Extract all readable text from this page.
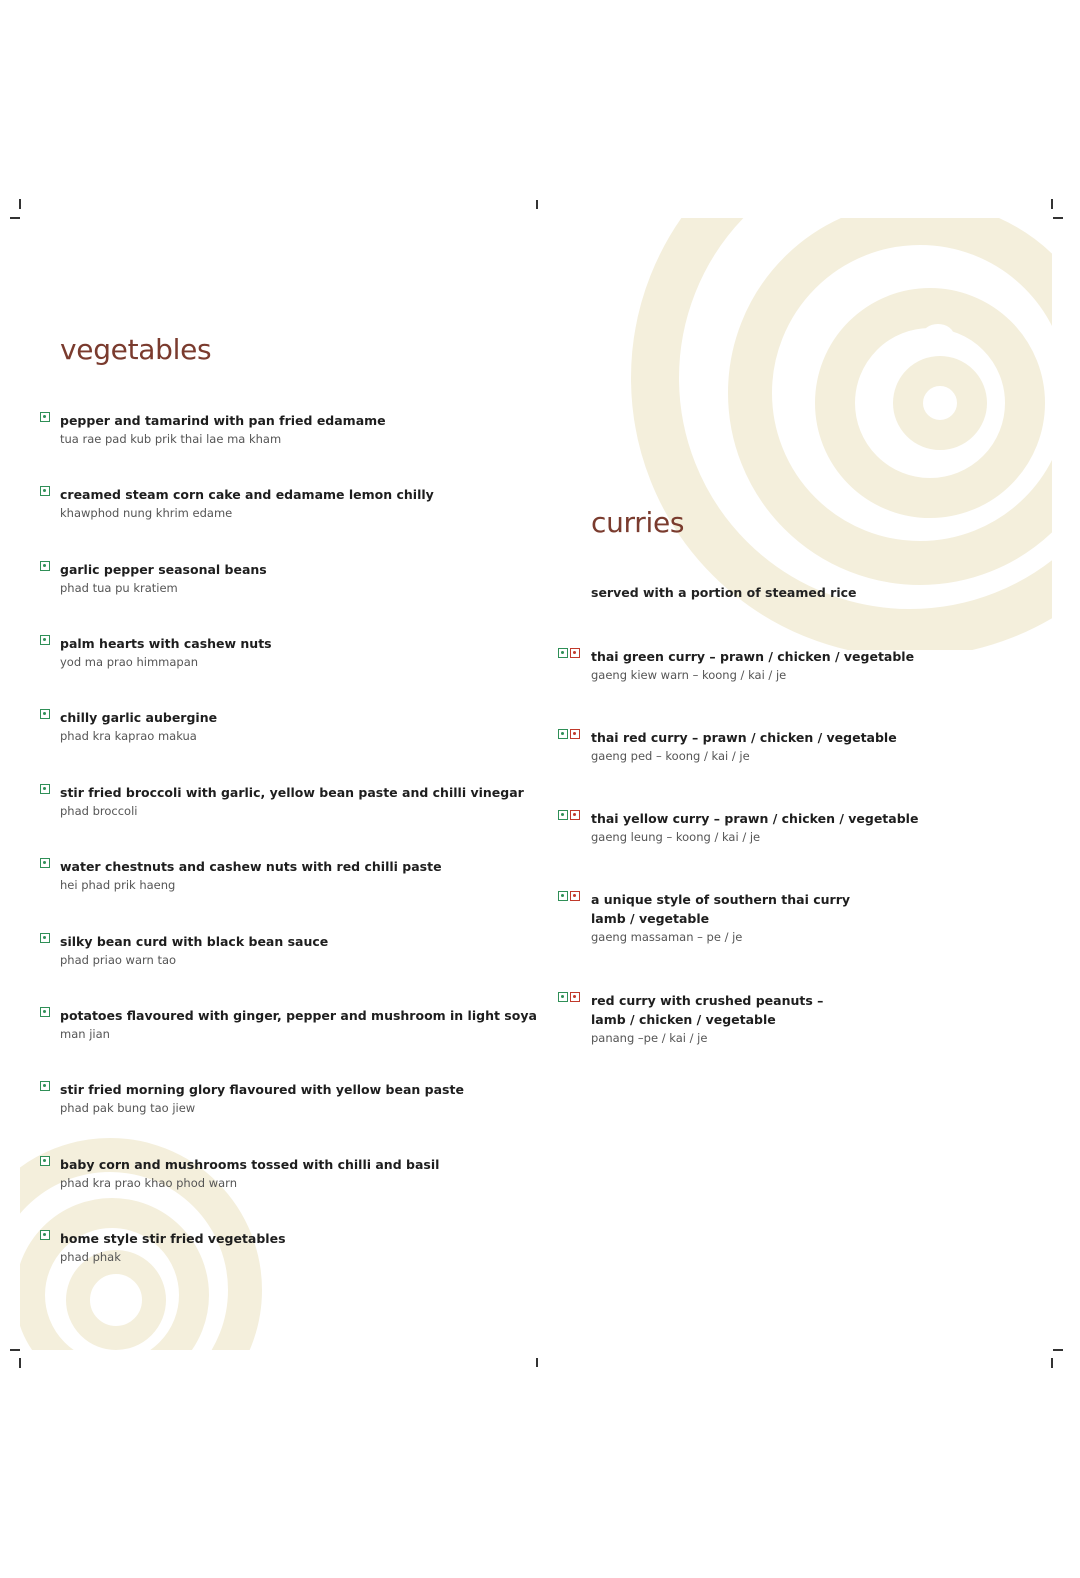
vegetables
pepper and tamarind with pan fried edamame
tua rae pad kub prik thai lae ma kham
creamed steam corn cake and edamame lemon chilly
khawphod nung khrim edame
garlic pepper seasonal beans
phad tua pu kratiem
palm hearts with cashew nuts
yod ma prao himmapan
chilly garlic aubergine
phad kra kaprao makua
stir fried broccoli with garlic, yellow bean paste and chilli vinegar
phad broccoli
water chestnuts and cashew nuts with red chilli paste
hei phad prik haeng
silky bean curd with black bean sauce
phad priao warn tao
potatoes flavoured with ginger, pepper and mushroom in light soya
man jian
stir fried morning glory flavoured with yellow bean paste
phad pak bung tao jiew
baby corn and mushrooms tossed with chilli and basil
phad kra prao khao phod warn
home style stir fried vegetables
phad phak
curries
served with a portion of steamed rice
thai green curry – prawn / chicken / vegetable
gaeng kiew warn – koong / kai / je
thai red curry – prawn / chicken / vegetable
gaeng ped – koong / kai / je
thai yellow curry – prawn / chicken / vegetable
gaeng leung – koong / kai / je
a unique style of southern thai curry
lamb / vegetable
gaeng massaman – pe / je
red curry with crushed peanuts –
lamb / chicken / vegetable
panang –pe / kai / je
